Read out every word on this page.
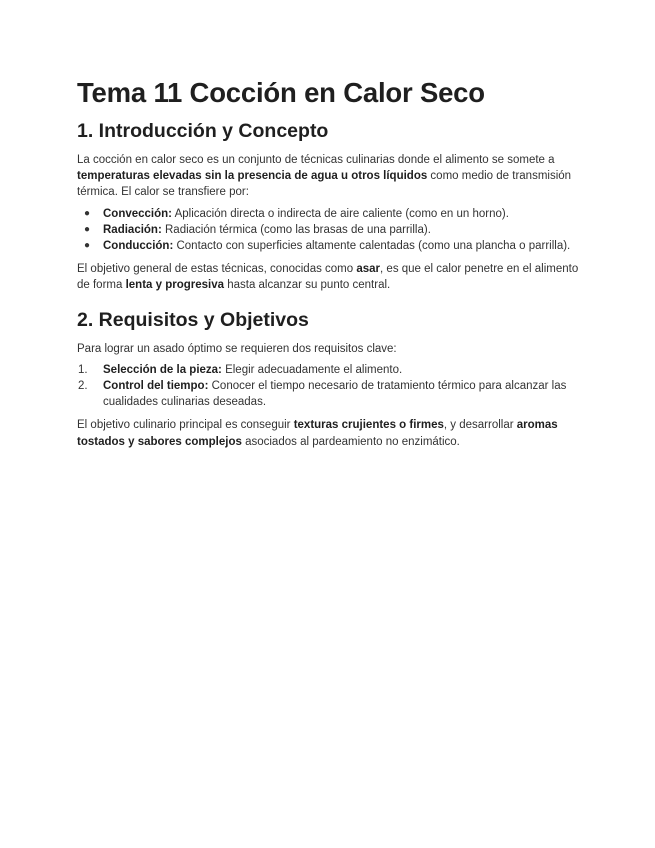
Tema 11 Cocción en Calor Seco
1. Introducción y Concepto

La cocción en calor seco es un conjunto de técnicas culinarias donde el alimento se somete a temperaturas elevadas sin la presencia de agua u otros líquidos como medio de transmisión térmica. El calor se transfiere por:

● Convección: Aplicación directa o indirecta de aire caliente (como en un horno).
● Radiación: Radiación térmica (como las brasas de una parrilla).
● Conducción: Contacto con superficies altamente calentadas (como una plancha o parrilla).

El objetivo general de estas técnicas, conocidas como asar, es que el calor penetre en el alimento de forma lenta y progresiva hasta alcanzar su punto central.

2. Requisitos y Objetivos

Para lograr un asado óptimo se requieren dos requisitos clave:

1. Selección de la pieza: Elegir adecuadamente el alimento.
2. Control del tiempo: Conocer el tiempo necesario de tratamiento térmico para alcanzar las cualidades culinarias deseadas.

El objetivo culinario principal es conseguir texturas crujientes o firmes, y desarrollar aromas tostados y sabores complejos asociados al pardeamiento no enzimático.
